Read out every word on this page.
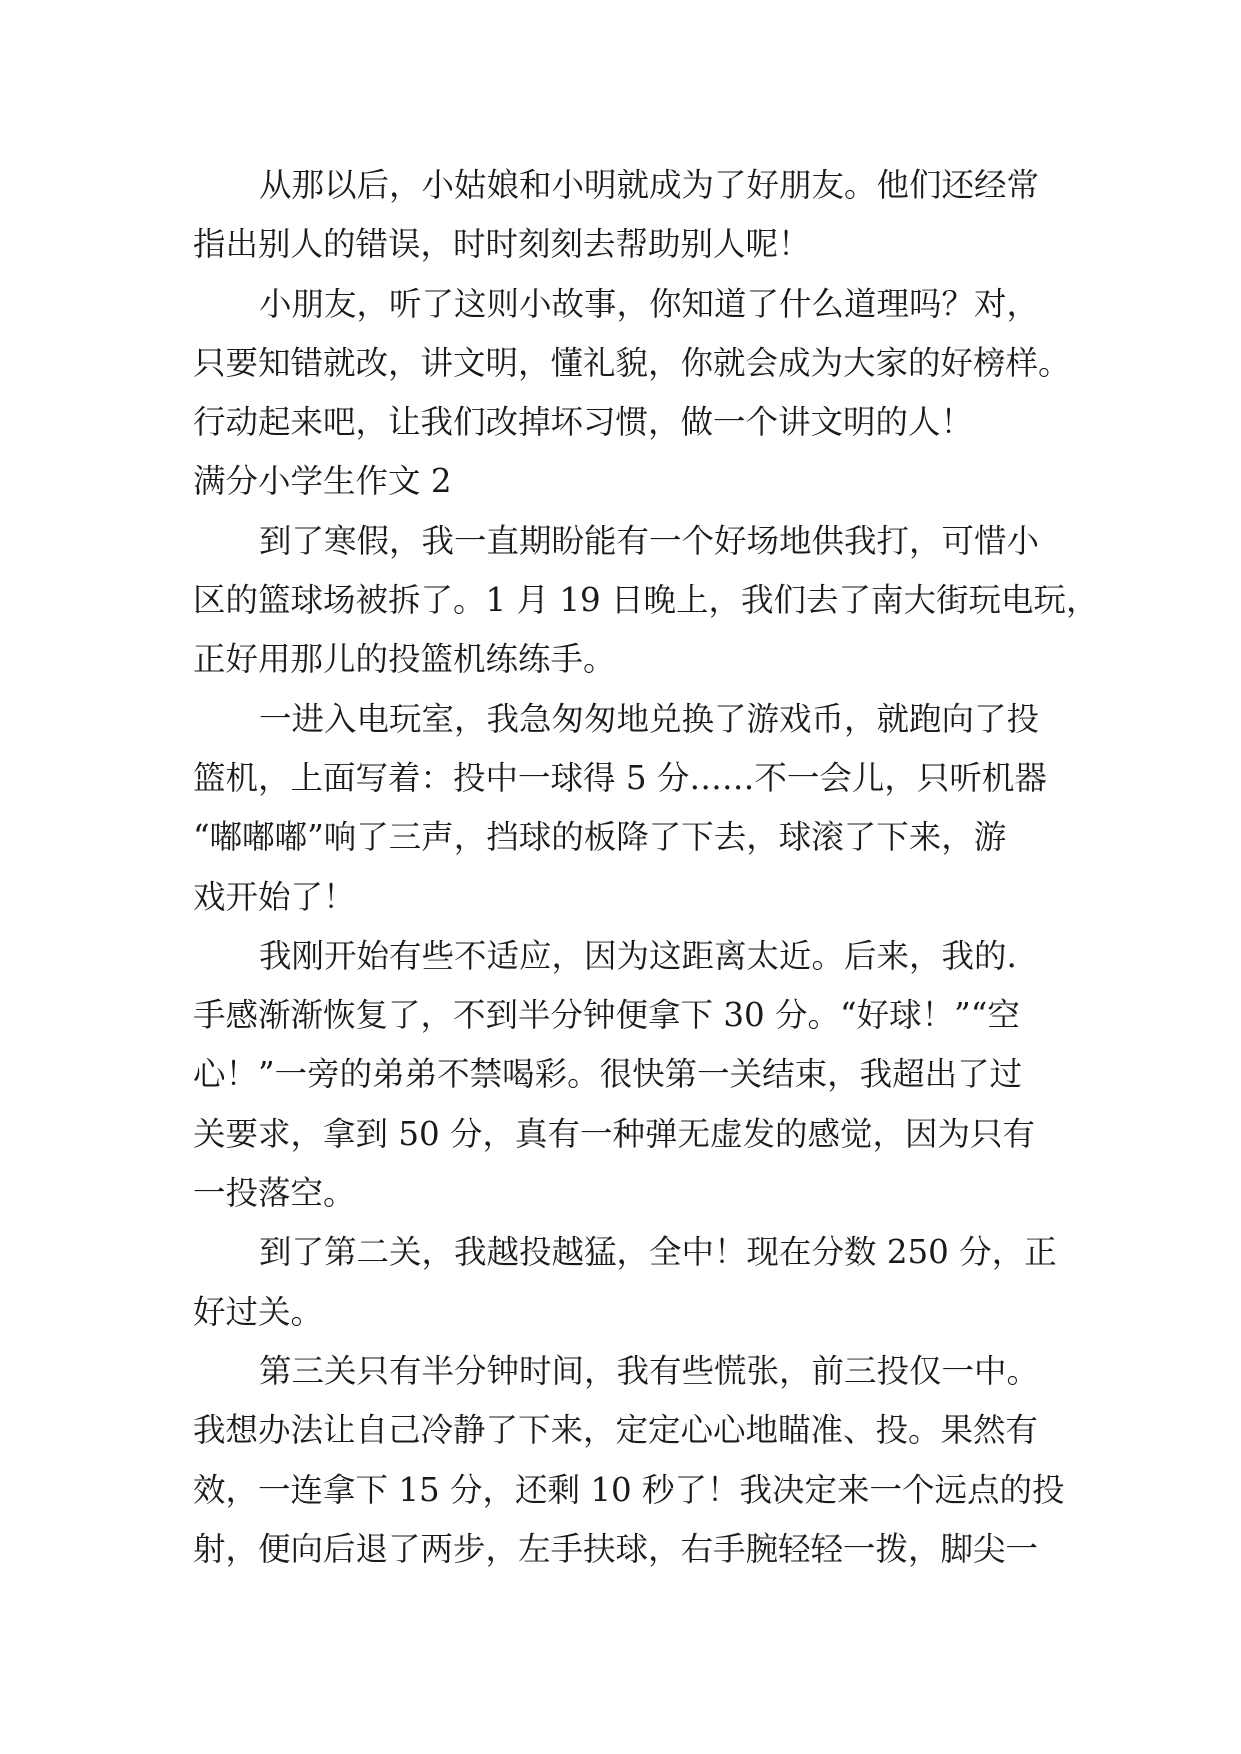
从那以后，小姑娘和小明就成为了好朋友。他们还经常
指出别人的错误，时时刻刻去帮助别人呢！
小朋友，听了这则小故事，你知道了什么道理吗？对，
只要知错就改，讲文明，懂礼貌，你就会成为大家的好榜样。
行动起来吧，让我们改掉坏习惯，做一个讲文明的人！
满分小学生作文 2
到了寒假，我一直期盼能有一个好场地供我打，可惜小
区的篮球场被拆了。1 月 19 日晚上，我们去了南大街玩电玩，
正好用那儿的投篮机练练手。
一进入电玩室，我急匆匆地兑换了游戏币，就跑向了投
篮机，上面写着：投中一球得 5 分……不一会儿，只听机器
“嘟嘟嘟”响了三声，挡球的板降了下去，球滚了下来，游
戏开始了！
我刚开始有些不适应，因为这距离太近。后来，我的.
手感渐渐恢复了，不到半分钟便拿下 30 分。“好球！”“空
心！”一旁的弟弟不禁喝彩。很快第一关结束，我超出了过
关要求，拿到 50 分，真有一种弹无虚发的感觉，因为只有
一投落空。
到了第二关，我越投越猛，全中！现在分数 250 分，正
好过关。
第三关只有半分钟时间，我有些慌张，前三投仅一中。
我想办法让自己冷静了下来，定定心心地瞄准、投。果然有
效，一连拿下 15 分，还剩 10 秒了！我决定来一个远点的投
射，便向后退了两步，左手扶球，右手腕轻轻一拨，脚尖一
